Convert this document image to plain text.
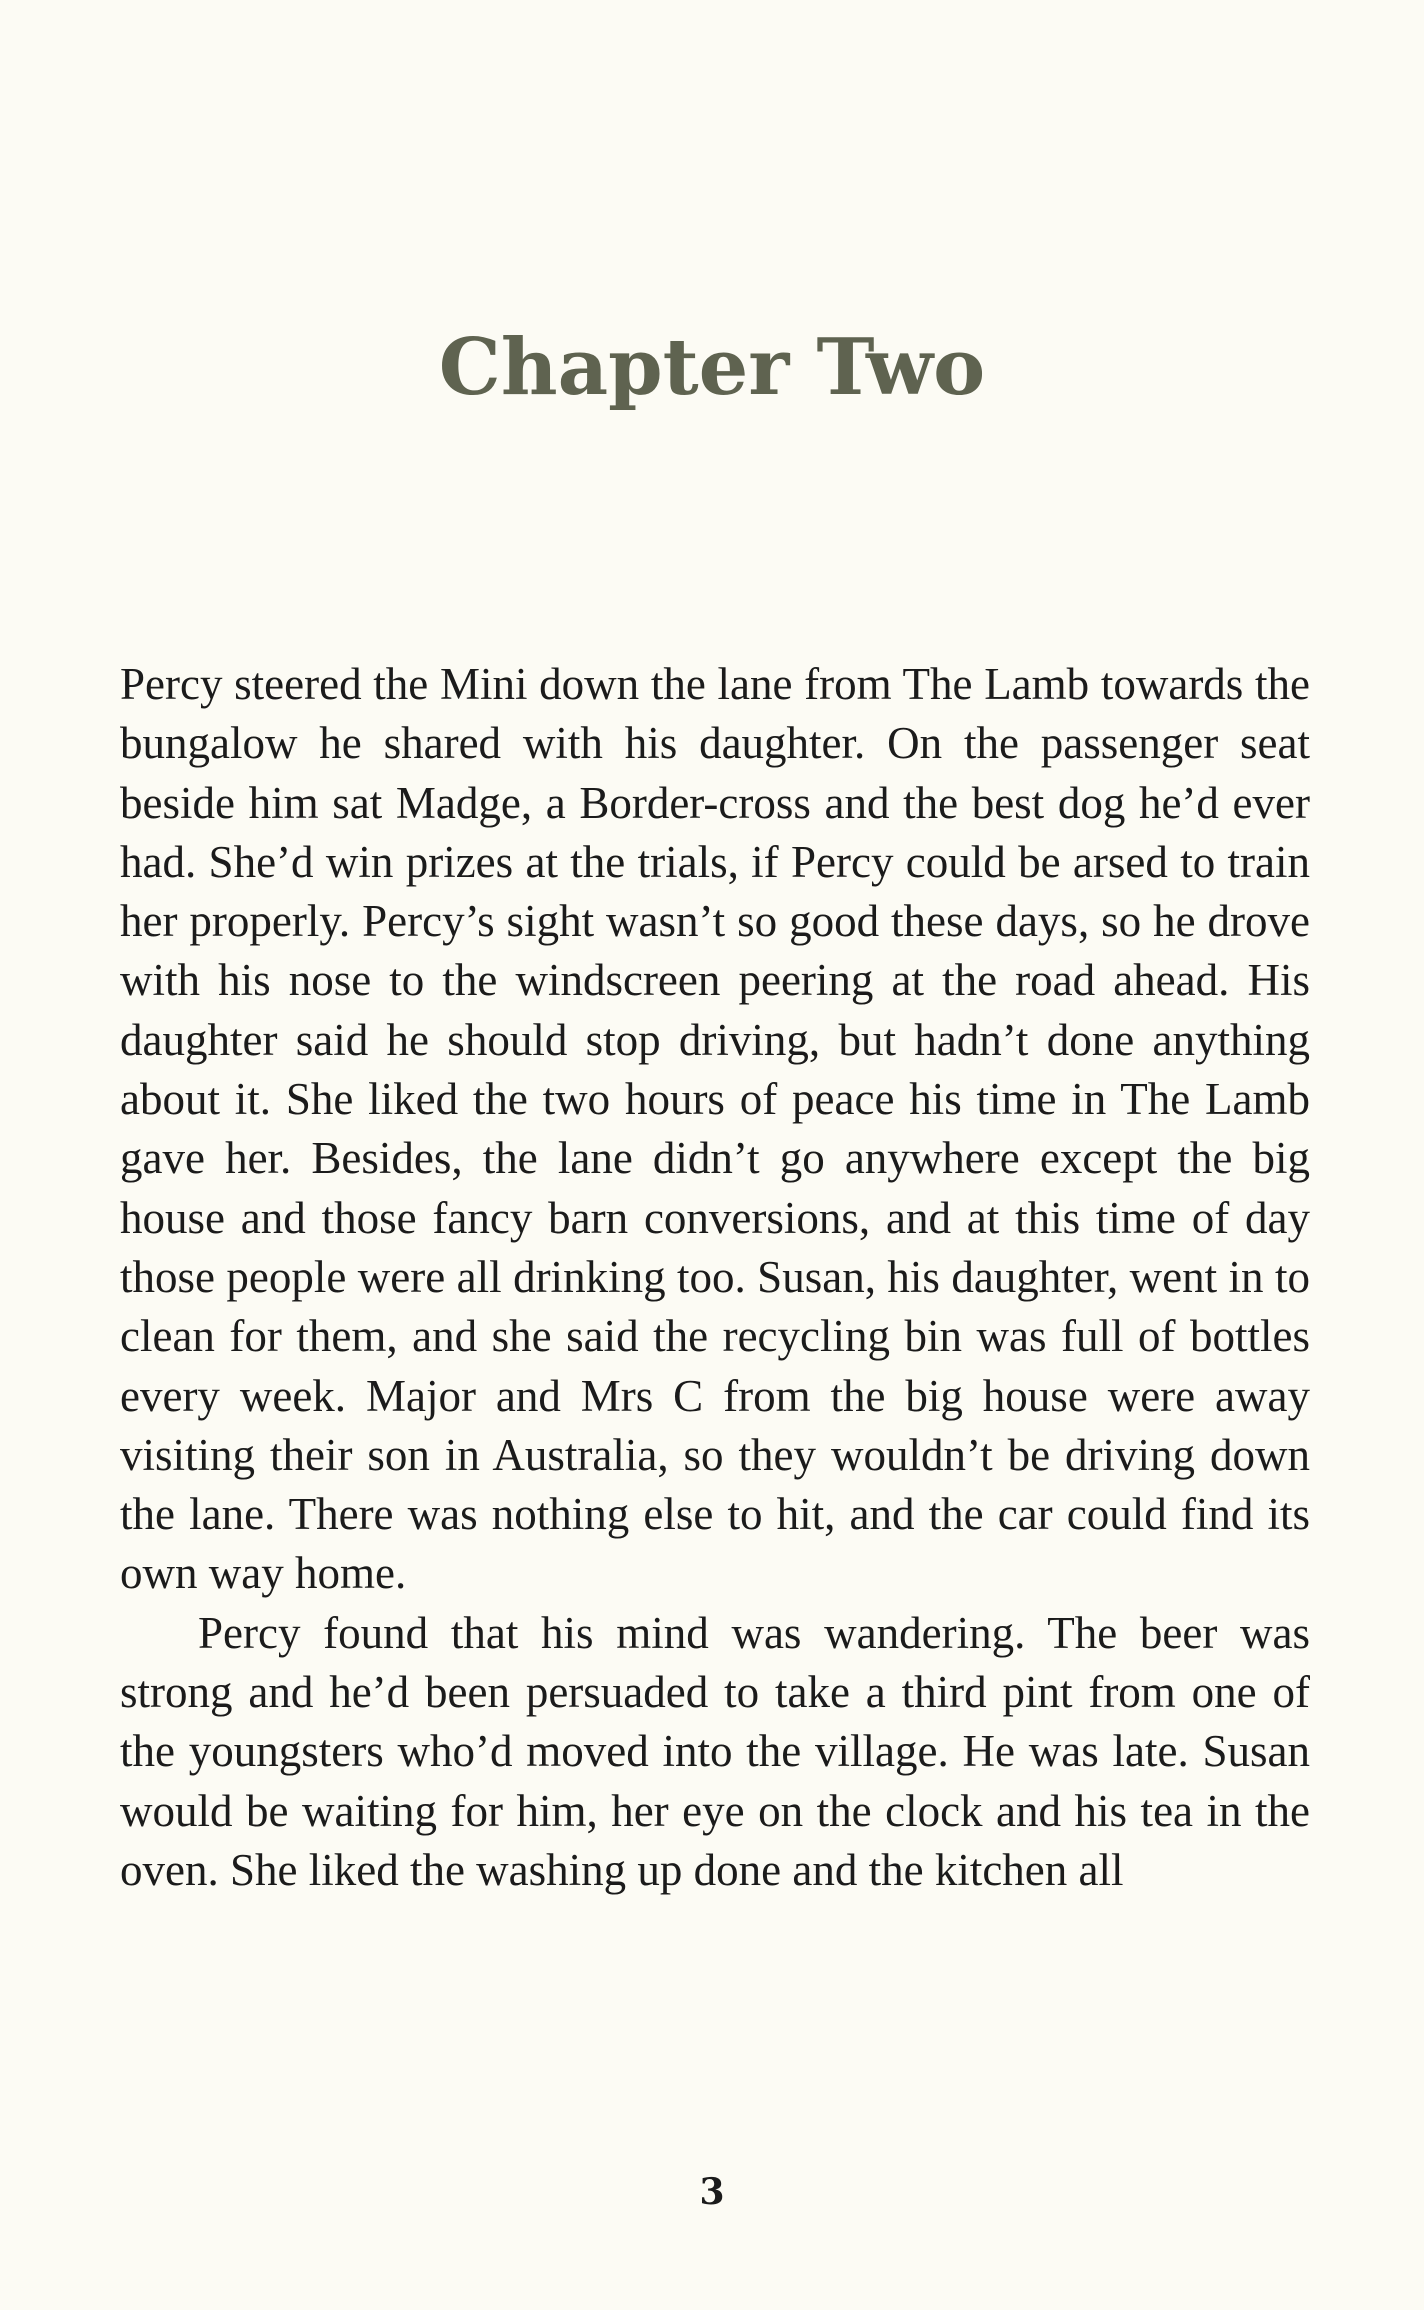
Chapter Two

Percy steered the Mini down the lane from The Lamb towards the bungalow he shared with his daughter. On the passenger seat beside him sat Madge, a Border-cross and the best dog he’d ever had. She’d win prizes at the trials, if Percy could be arsed to train her properly. Percy’s sight wasn’t so good these days, so he drove with his nose to the windscreen peering at the road ahead. His daughter said he should stop driving, but hadn’t done anything about it. She liked the two hours of peace his time in The Lamb gave her. Besides, the lane didn’t go anywhere except the big house and those fancy barn conversions, and at this time of day those people were all drinking too. Susan, his daughter, went in to clean for them, and she said the recycling bin was full of bottles every week. Major and Mrs C from the big house were away visiting their son in Australia, so they wouldn’t be driving down the lane. There was nothing else to hit, and the car could find its own way home.

Percy found that his mind was wandering. The beer was strong and he’d been persuaded to take a third pint from one of the youngsters who’d moved into the village. He was late. Susan would be waiting for him, her eye on the clock and his tea in the oven. She liked the washing up done and the kitchen all

3
